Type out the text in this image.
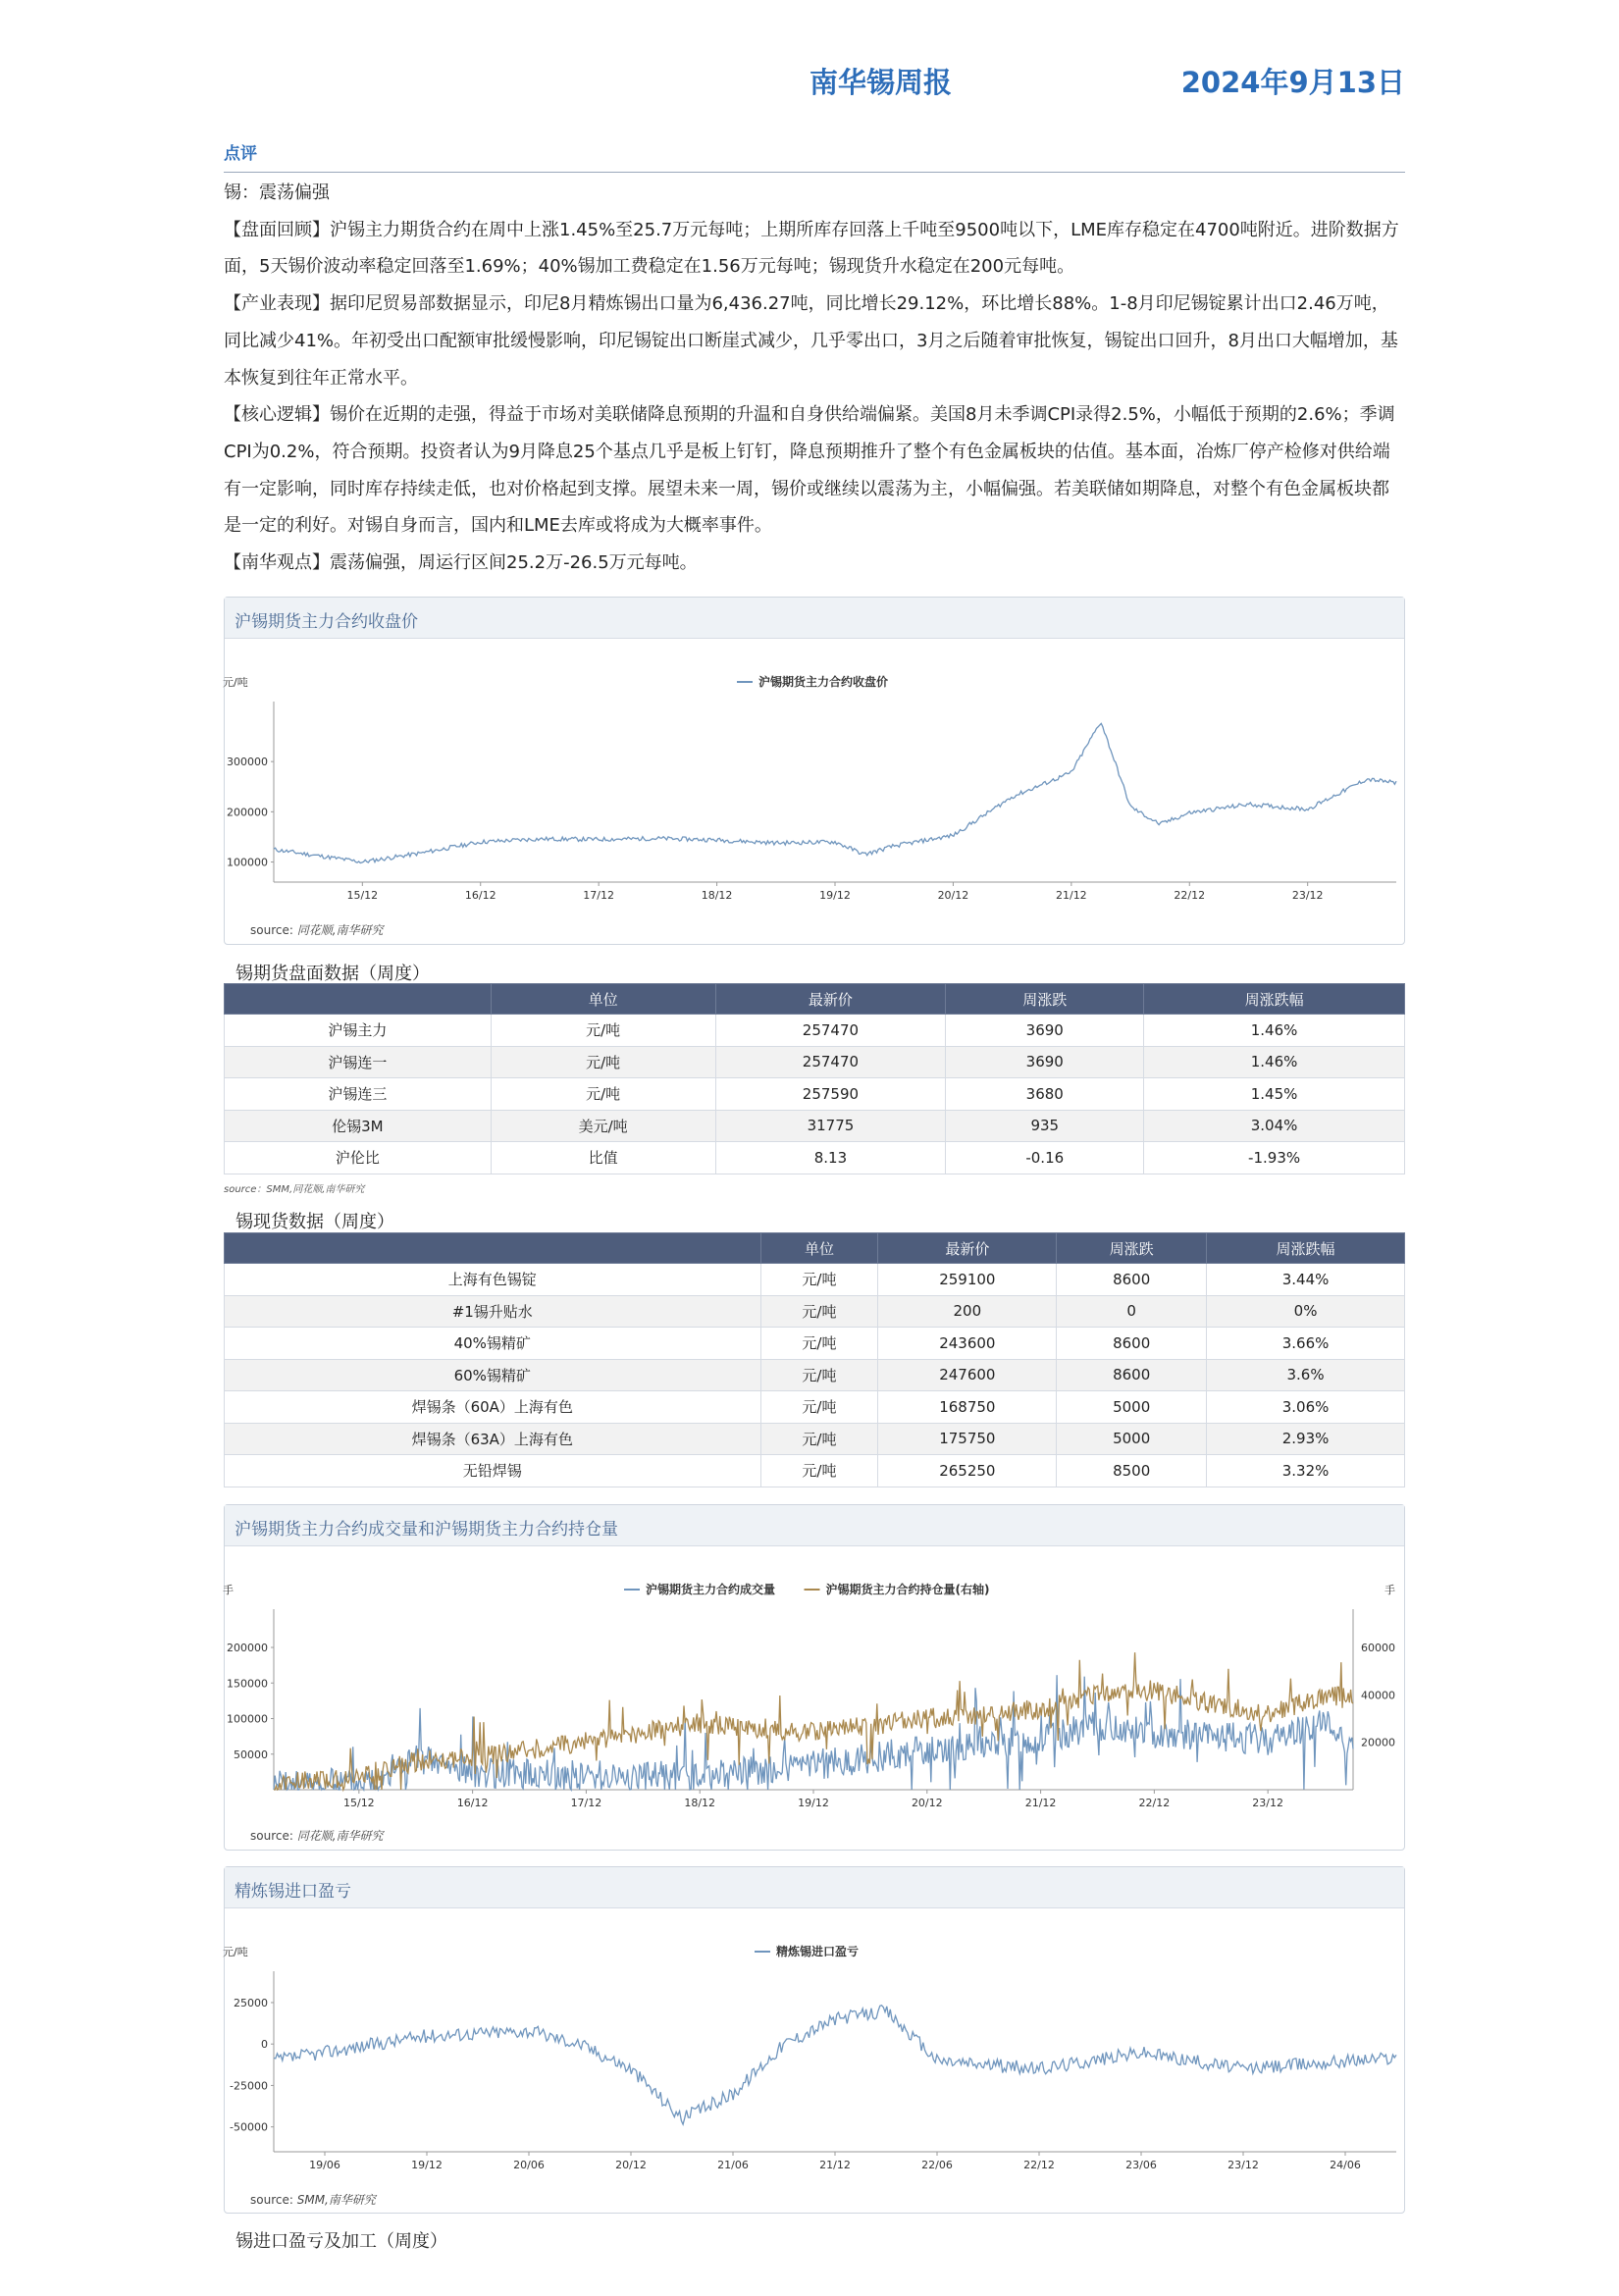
南华锡周报	2024年9月13日
点评

锡：震荡偏强

【盘面回顾】沪锡主力期货合约在周中上涨1.45%至25.7万元每吨；上期所库存回落上千吨至9500吨以下，LME库存稳定在4700吨附近。进阶数据方面，5天锡价波动率稳定回落至1.69%；40%锡加工费稳定在1.56万元每吨；锡现货升水稳定在200元每吨。

【产业表现】据印尼贸易部数据显示，印尼8月精炼锡出口量为6,436.27吨，同比增长29.12%，环比增长88%。1-8月印尼锡锭累计出口2.46万吨，同比减少41%。年初受出口配额审批缓慢影响，印尼锡锭出口断崖式减少，几乎零出口，3月之后随着审批恢复，锡锭出口回升，8月出口大幅增加，基本恢复到往年正常水平。

【核心逻辑】锡价在近期的走强，得益于市场对美联储降息预期的升温和自身供给端偏紧。美国8月未季调CPI录得2.5%，小幅低于预期的2.6%；季调CPI为0.2%，符合预期。投资者认为9月降息25个基点几乎是板上钉钉，降息预期推升了整个有色金属板块的估值。基本面，冶炼厂停产检修对供给端有一定影响，同时库存持续走低，也对价格起到支撑。展望未来一周，锡价或继续以震荡为主，小幅偏强。若美联储如期降息，对整个有色金属板块都是一定的利好。对锡自身而言，国内和LME去库或将成为大概率事件。

【南华观点】震荡偏强，周运行区间25.2万-26.5万元每吨。

沪锡期货主力合约收盘价
元/吨
100000
200000
300000
15/12	16/12	17/12	18/12	19/12	20/12	21/12	22/12	23/12
沪锡期货主力合约收盘价
source: 同花顺,南华研究
锡期货盘面数据（周度）
	单位	最新价	周涨跌	周涨跌幅
沪锡主力	元/吨	257470	3690	1.46%
沪锡连一	元/吨	257470	3690	1.46%
沪锡连三	元/吨	257590	3680	1.45%
伦锡3M	美元/吨	31775	935	3.04%
沪伦比	比值	8.13	-0.16	-1.93%
source：SMM,同花顺,南华研究
锡现货数据（周度）
	单位	最新价	周涨跌	周涨跌幅
上海有色锡锭	元/吨	259100	8600	3.44%
#1锡升贴水	元/吨	200	0	0%
40%锡精矿	元/吨	243600	8600	3.66%
60%锡精矿	元/吨	247600	8600	3.6%
焊锡条（60A）上海有色	元/吨	168750	5000	3.06%
焊锡条（63A）上海有色	元/吨	175750	5000	2.93%
无铅焊锡	元/吨	265250	8500	3.32%
沪锡期货主力合约成交量和沪锡期货主力合约持仓量
手	手
50000
100000
150000
200000
20000
40000
60000
15/12	16/12	17/12	18/12	19/12	20/12	21/12	22/12	23/12
沪锡期货主力合约成交量	沪锡期货主力合约持仓量(右轴)
source: 同花顺,南华研究
精炼锡进口盈亏
元/吨
-50000
-25000
0
25000
19/06	19/12	20/06	20/12	21/06	21/12	22/06	22/12	23/06	23/12	24/06
精炼锡进口盈亏
source: SMM,南华研究
锡进口盈亏及加工（周度）
